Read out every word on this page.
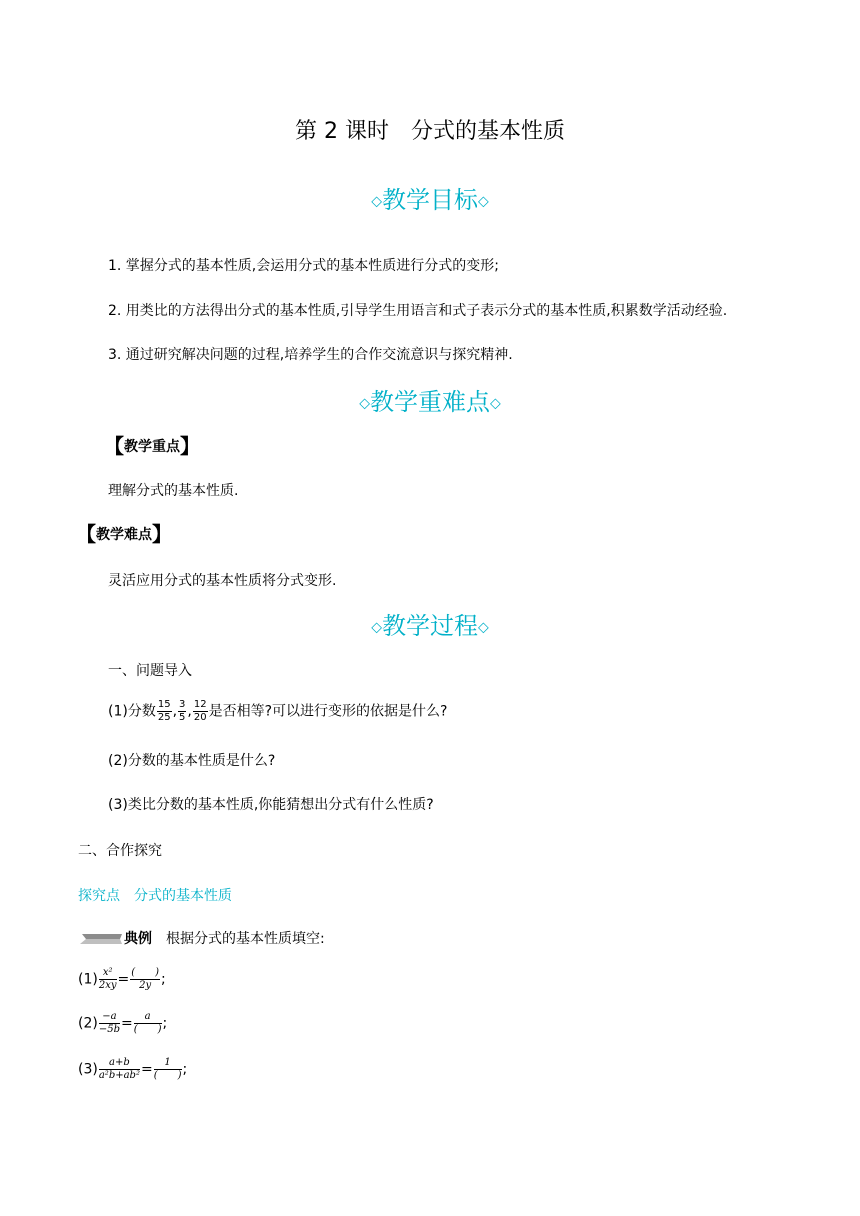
第 2 课时　分式的基本性质
◇教学目标◇
1. 掌握分式的基本性质,会运用分式的基本性质进行分式的变形;
2. 用类比的方法得出分式的基本性质,引导学生用语言和式子表示分式的基本性质,积累数学活动经验.
3. 通过研究解决问题的过程,培养学生的合作交流意识与探究精神.
◇教学重难点◇
【教学重点】
理解分式的基本性质.
【教学难点】
灵活应用分式的基本性质将分式变形.
◇教学过程◇
一、问题导入
(1)分数 $\frac{15}{25}$ , $\frac{3}{5}$ , $\frac{12}{20}$ 是否相等?可以进行变形的依据是什么?
(2)分数的基本性质是什么?
(3)类比分数的基本性质,你能猜想出分式有什么性质?
二、合作探究
探究点　分式的基本性质
典例 根据分式的基本性质填空:
$(1) \frac{\text{x²}}{2xy} = \frac{( )}{2y}$ ;
$(2) \frac{-a}{-5b} = \frac{a}{( )}$ ;
$(3) \frac{a+b}{\text{a²b+ab²}} = \frac{1}{( )}$ ;
